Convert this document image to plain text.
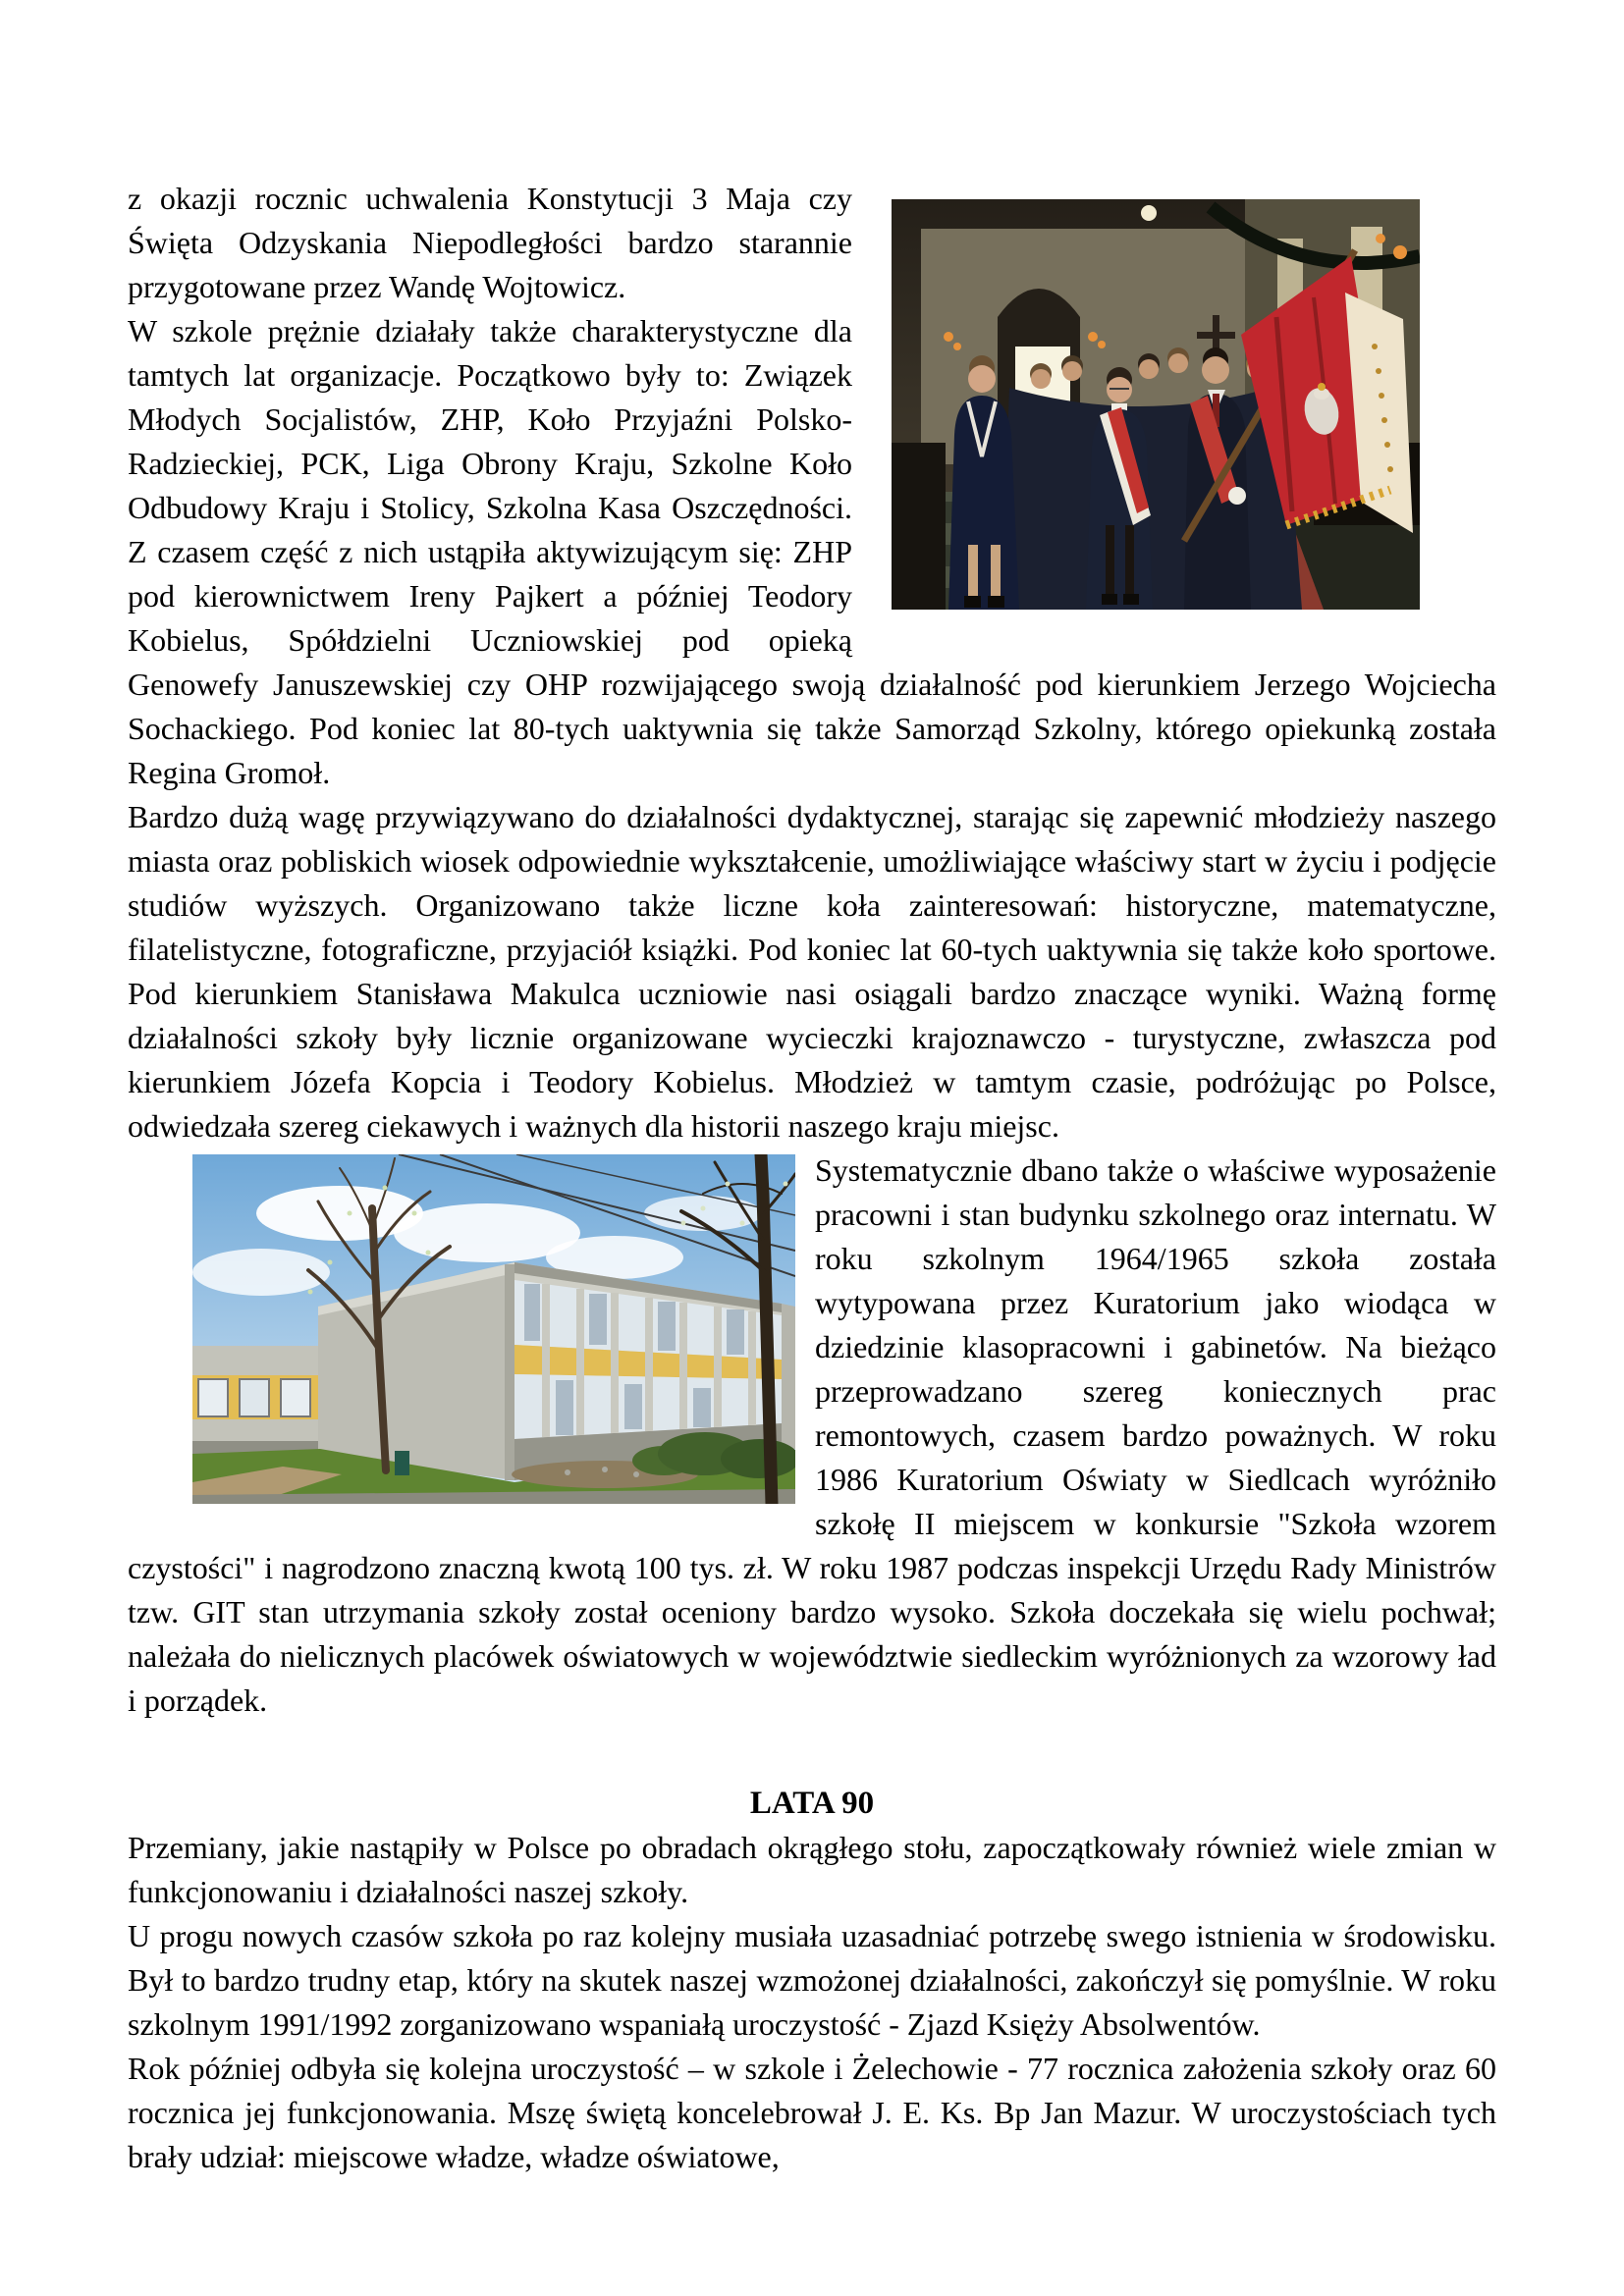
z okazji rocznic uchwalenia Konstytucji 3 Maja czy Święta Odzyskania Niepodległości bardzo starannie przygotowane przez Wandę Wojtowicz.

W szkole prężnie działały także charakterystyczne dla tamtych lat organizacje. Początkowo były to: Związek Młodych Socjalistów, ZHP, Koło Przyjaźni Polsko- Radzieckiej, PCK, Liga Obrony Kraju, Szkolne Koło Odbudowy Kraju i Stolicy, Szkolna Kasa Oszczędności. Z czasem część z nich ustąpiła aktywizującym się: ZHP pod kierownictwem Ireny Pajkert a później Teodory Kobielus, Spółdzielni Uczniowskiej pod opieką Genowefy Januszewskiej czy OHP rozwijającego swoją działalność pod kierunkiem Jerzego Wojciecha Sochackiego. Pod koniec lat 80-tych uaktywnia się także Samorząd Szkolny, którego opiekunką została Regina Gromoł.

Bardzo dużą wagę przywiązywano do działalności dydaktycznej, starając się zapewnić młodzieży naszego miasta oraz pobliskich wiosek odpowiednie wykształcenie, umożliwiające właściwy start w życiu i podjęcie studiów wyższych. Organizowano także liczne koła zainteresowań: historyczne, matematyczne, filatelistyczne, fotograficzne, przyjaciół książki. Pod koniec lat 60-tych uaktywnia się także koło sportowe. Pod kierunkiem Stanisława Makulca uczniowie nasi osiągali bardzo znaczące wyniki. Ważną formę działalności szkoły były licznie organizowane wycieczki krajoznawczo - turystyczne, zwłaszcza pod kierunkiem Józefa Kopcia i Teodory Kobielus. Młodzież w tamtym czasie, podróżując po Polsce, odwiedzała szereg ciekawych i ważnych dla historii naszego kraju miejsc.

Systematycznie dbano także o właściwe wyposażenie pracowni i stan budynku szkolnego oraz internatu. W roku szkolnym 1964/1965 szkoła została wytypowana przez Kuratorium jako wiodąca w dziedzinie klasopracowni i gabinetów. Na bieżąco przeprowadzano szereg koniecznych prac remontowych, czasem bardzo poważnych. W roku 1986 Kuratorium Oświaty w Siedlcach wyróżniło szkołę II miejscem w konkursie "Szkoła wzorem czystości" i nagrodzono znaczną kwotą 100 tys. zł. W roku 1987 podczas inspekcji Urzędu Rady Ministrów tzw. GIT stan utrzymania szkoły został oceniony bardzo wysoko. Szkoła doczekała się wielu pochwał; należała do nielicznych placówek oświatowych w województwie siedleckim wyróżnionych za wzorowy ład i porządek.

LATA 90

Przemiany, jakie nastąpiły w Polsce po obradach okrągłego stołu, zapoczątkowały również wiele zmian w funkcjonowaniu i działalności naszej szkoły.

U progu nowych czasów szkoła po raz kolejny musiała uzasadniać potrzebę swego istnienia w środowisku. Był to bardzo trudny etap, który na skutek naszej wzmożonej działalności, zakończył się pomyślnie. W roku szkolnym 1991/1992 zorganizowano wspaniałą uroczystość - Zjazd Księży Absolwentów.

Rok później odbyła się kolejna uroczystość – w szkole i Żelechowie - 77 rocznica założenia szkoły oraz 60 rocznica jej funkcjonowania. Mszę świętą koncelebrował J. E. Ks. Bp Jan Mazur. W uroczystościach tych brały udział: miejscowe władze, władze oświatowe,
